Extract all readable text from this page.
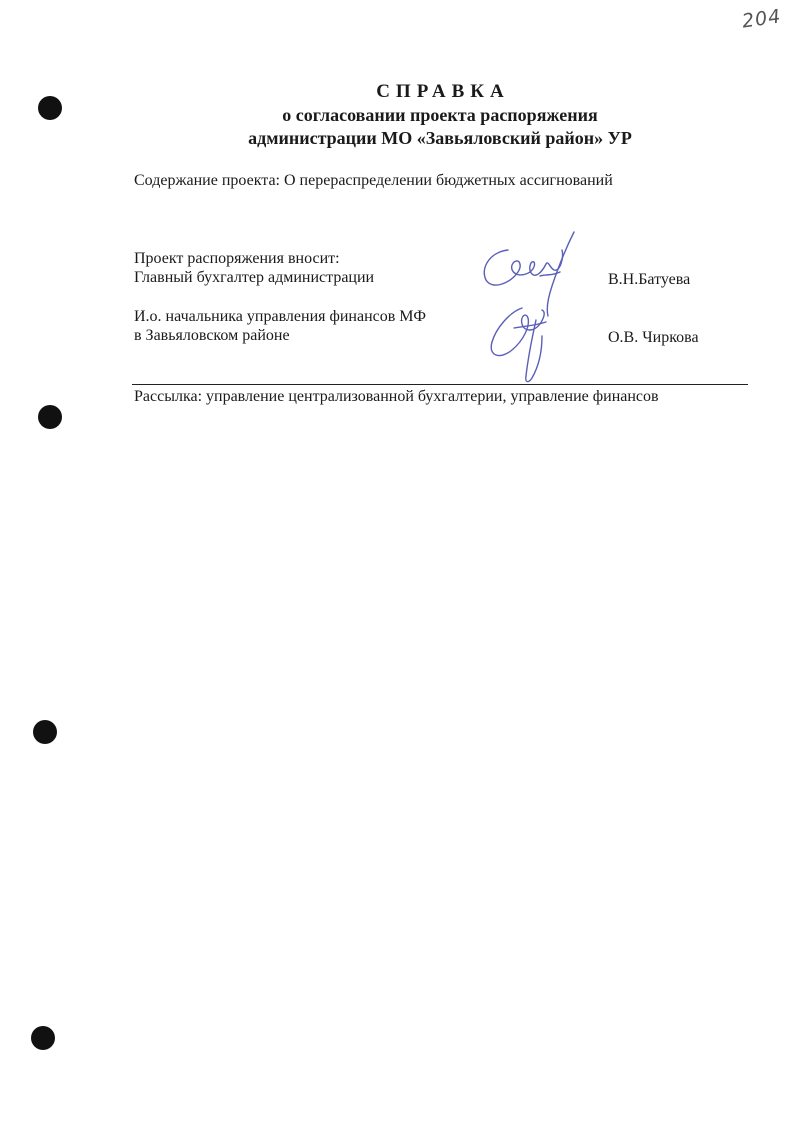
204
СПРАВКА
о согласовании проекта распоряжения
администрации МО «Завьяловский район» УР
Содержание проекта: О перераспределении бюджетных ассигнований
Проект распоряжения вносит:
Главный бухгалтер администрации	В.Н.Батуева
И.о. начальника управления финансов МФ
в Завьяловском районе	О.В. Чиркова
Рассылка: управление централизованной бухгалтерии, управление финансов
